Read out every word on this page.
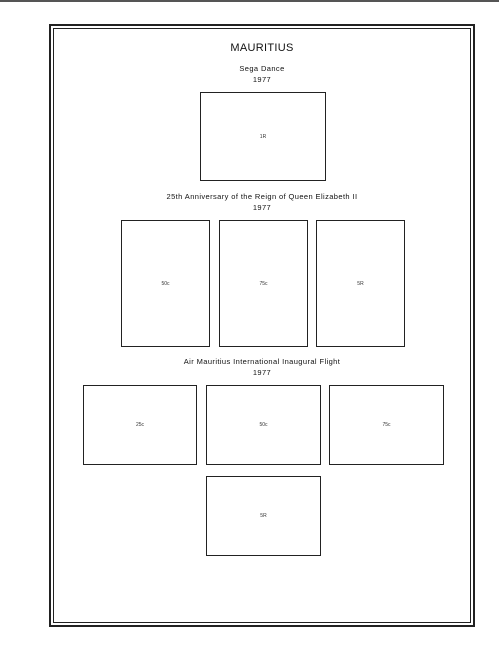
MAURITIUS
Sega Dance
1977
1R
25th Anniversary of the Reign of Queen Elizabeth II
1977
50c	75c	5R
Air Mauritius International Inaugural Flight
1977
25c	50c	75c
5R
